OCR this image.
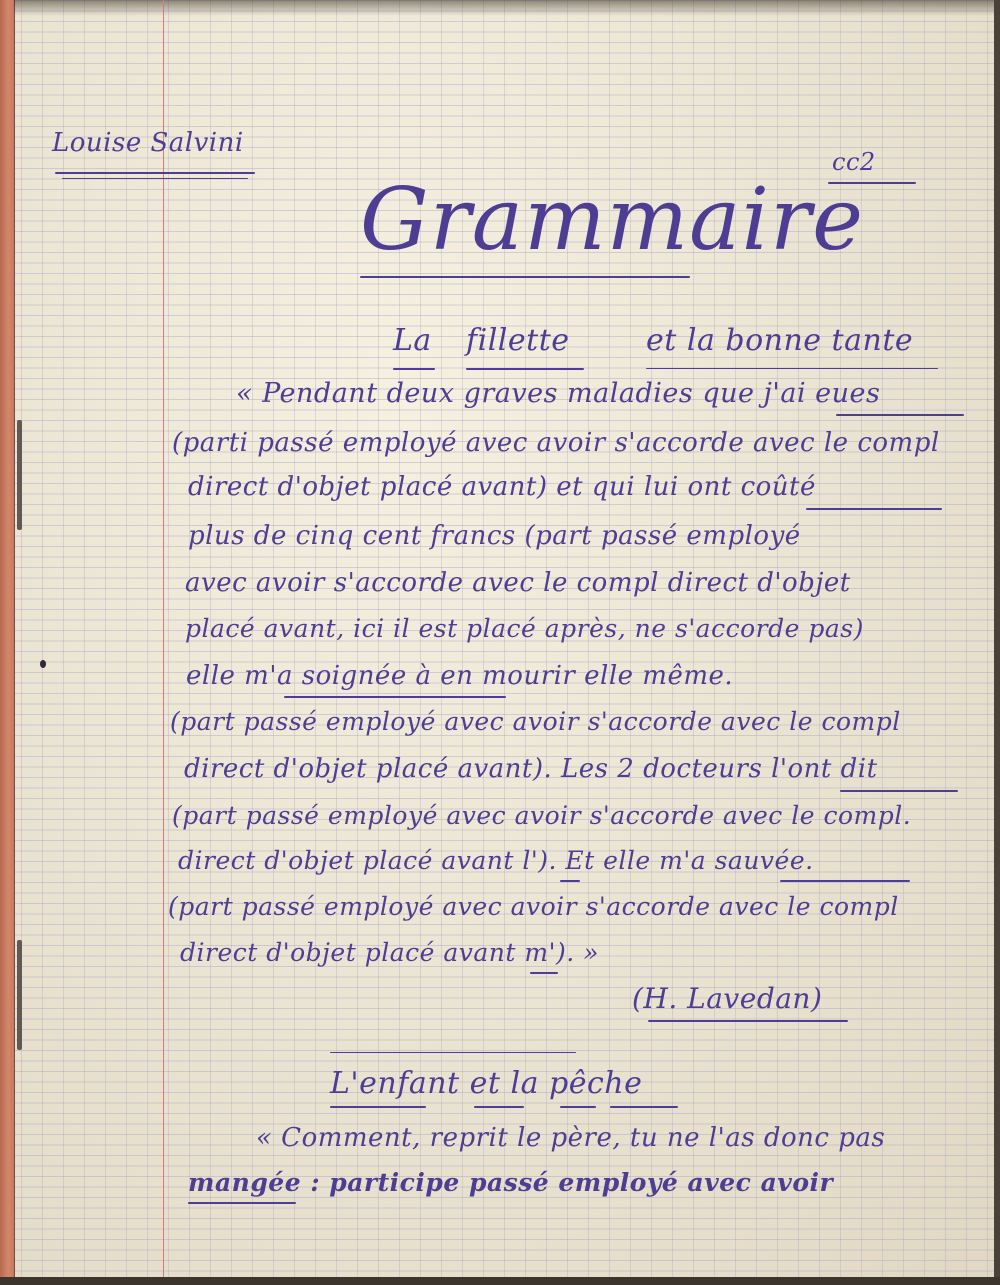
Louise Salvini
cc2
Grammaire
La fillette	et la bonne tante
« Pendant deux graves maladies que j'ai eues
(parti passé employé avec avoir s'accorde avec le compl
direct d'objet placé avant) et qui lui ont coûté
plus de cinq cent francs (part passé employé
avec avoir s'accorde avec le compl direct d'objet
placé avant, ici il est placé après, ne s'accorde pas)
elle m'a soignée à en mourir elle même.
(part passé employé avec avoir s'accorde avec le compl
direct d'objet placé avant). Les 2 docteurs l'ont dit
(part passé employé avec avoir s'accorde avec le compl.
direct d'objet placé avant l'). Et elle m'a sauvée.
(part passé employé avec avoir s'accorde avec le compl
direct d'objet placé avant m'). »
(H. Lavedan)
L'enfant et la pêche
« Comment, reprit le père, tu ne l'as donc pas
mangée : participe passé employé avec avoir
